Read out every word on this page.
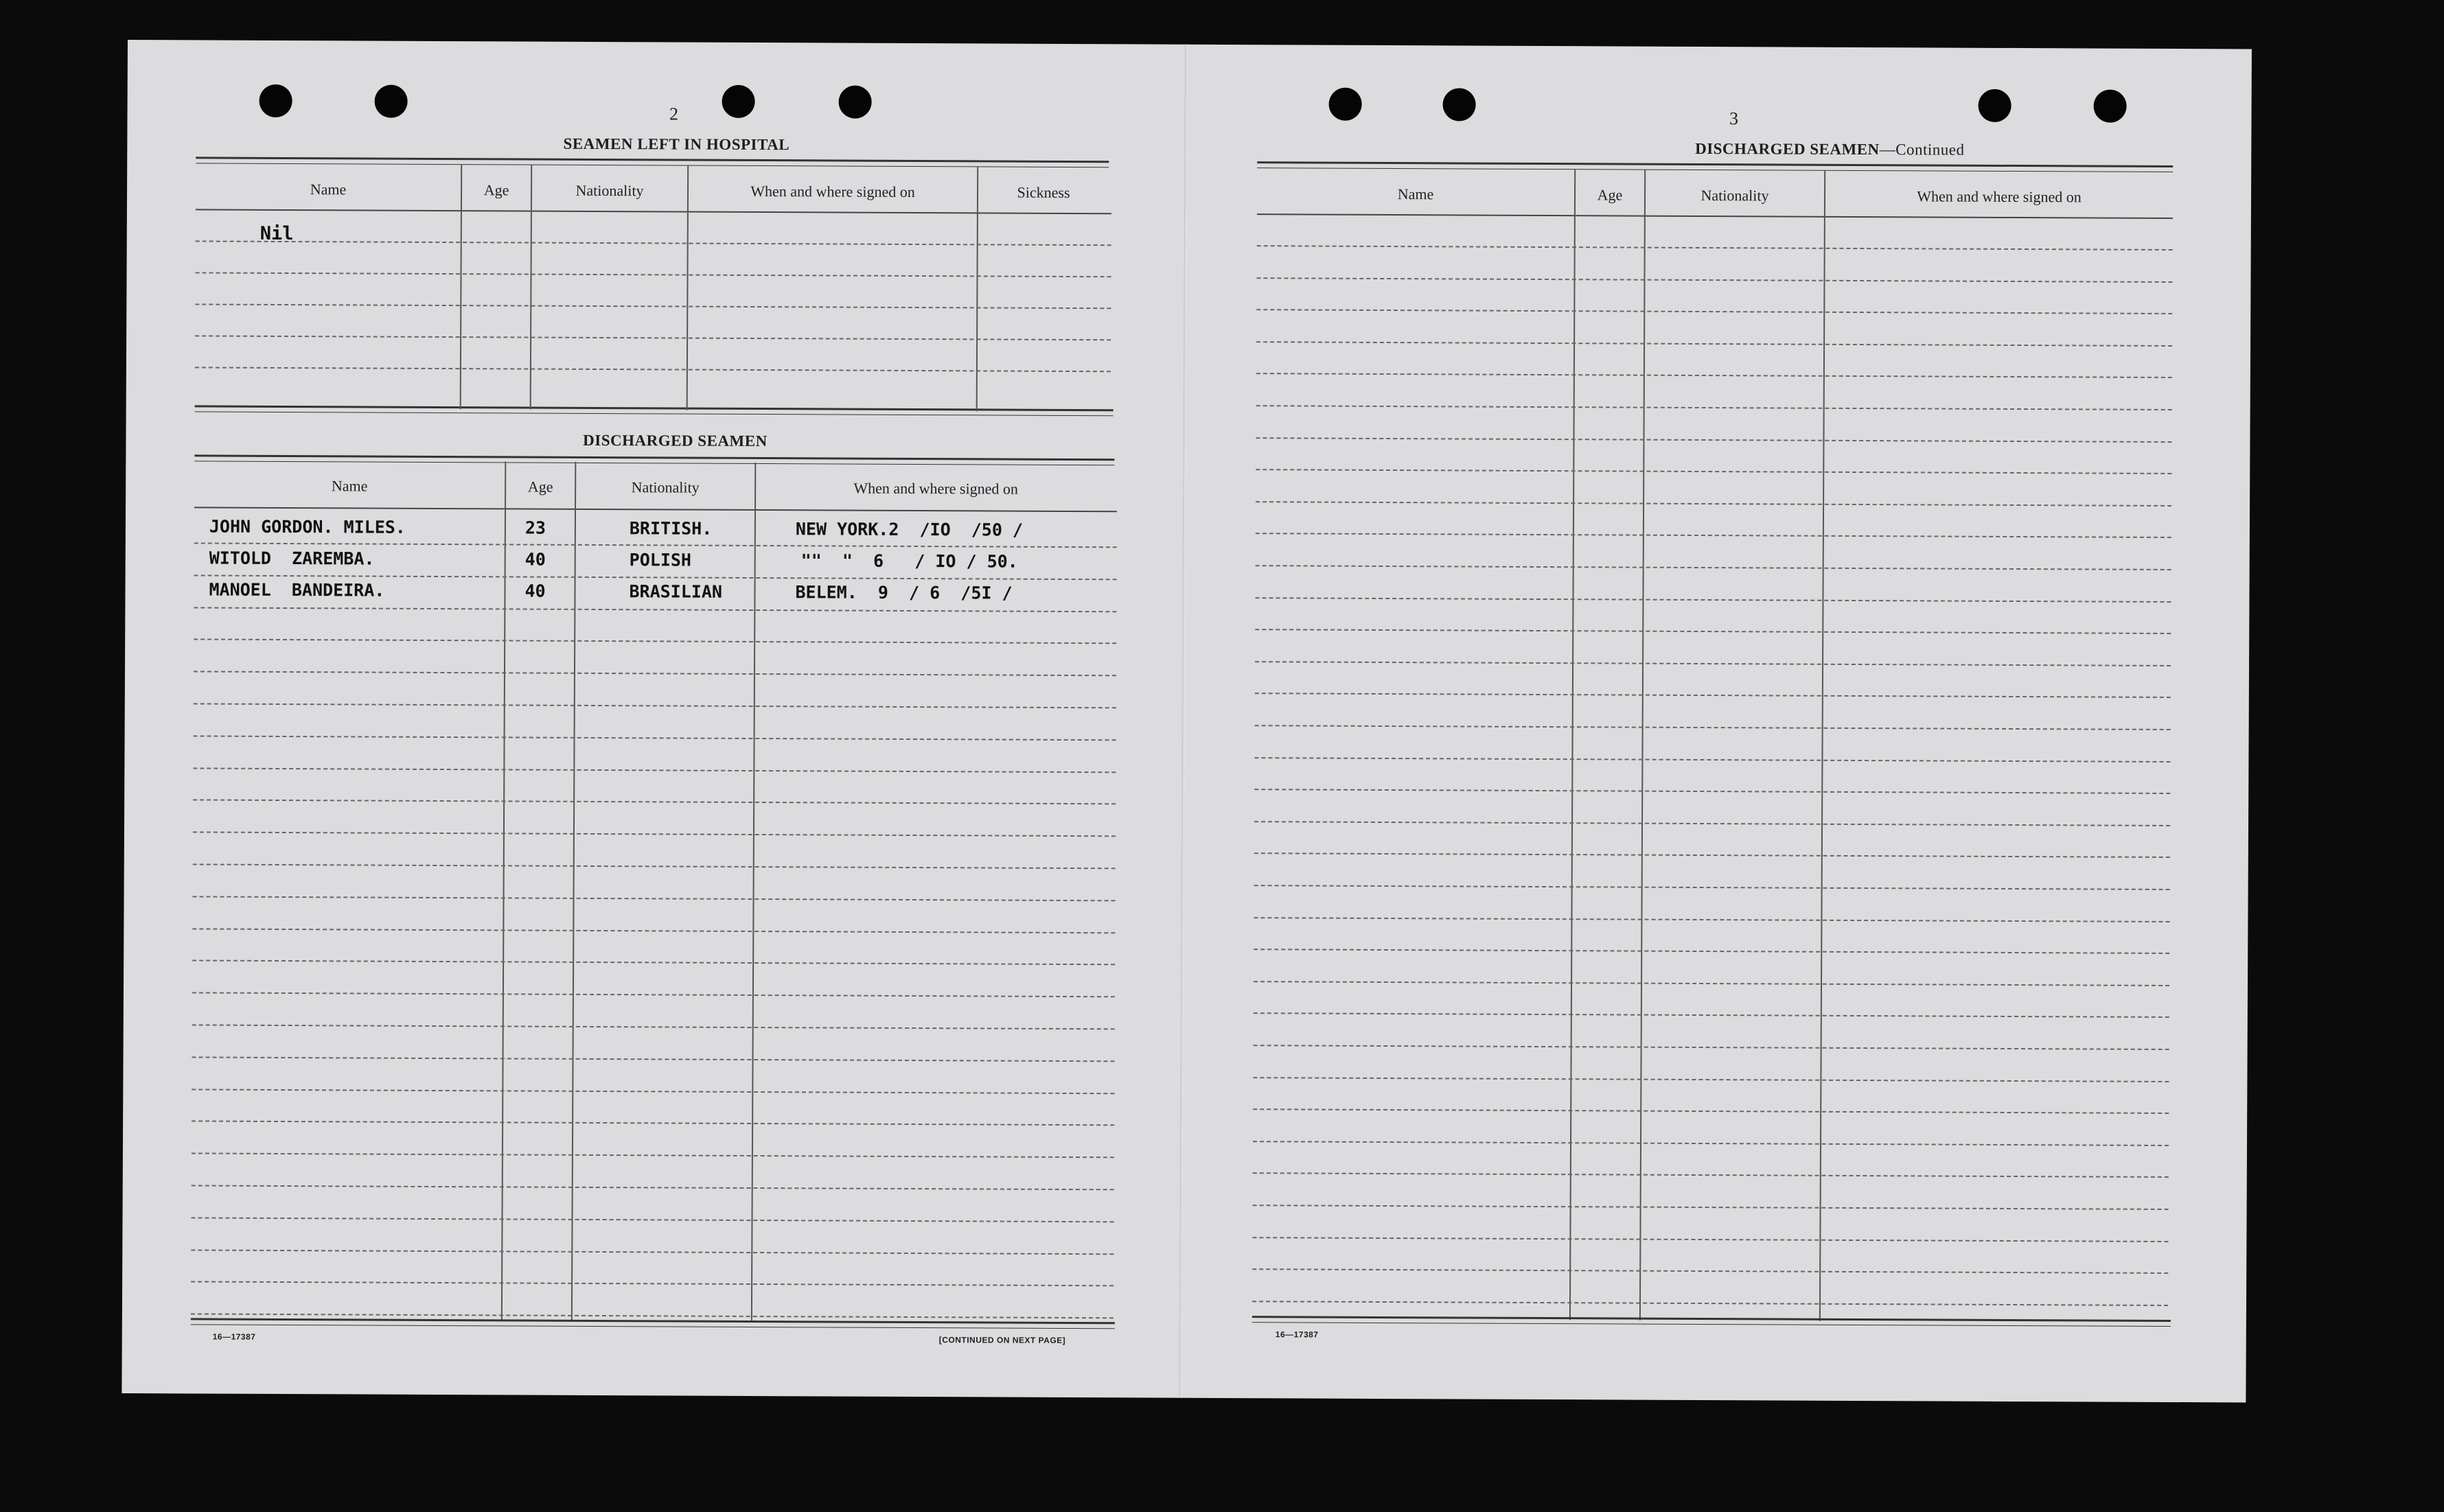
2
SEAMEN LEFT IN HOSPITAL
Name	Age	Nationality	When and where signed on	Sickness
Nil
DISCHARGED SEAMEN
Name	Age	Nationality	When and where signed on
JOHN GORDON. MILES.	23	BRITISH.	NEW YORK.2  /IO  /50 /
WITOLD  ZAREMBA.	40	POLISH	""  "  6   / IO / 50.
MANOEL  BANDEIRA.	40	BRASILIAN	BELEM.  9  / 6  /5I /
16—17387	[CONTINUED ON NEXT PAGE]
3
DISCHARGED SEAMEN—Continued
Name	Age	Nationality	When and where signed on
16—17387
